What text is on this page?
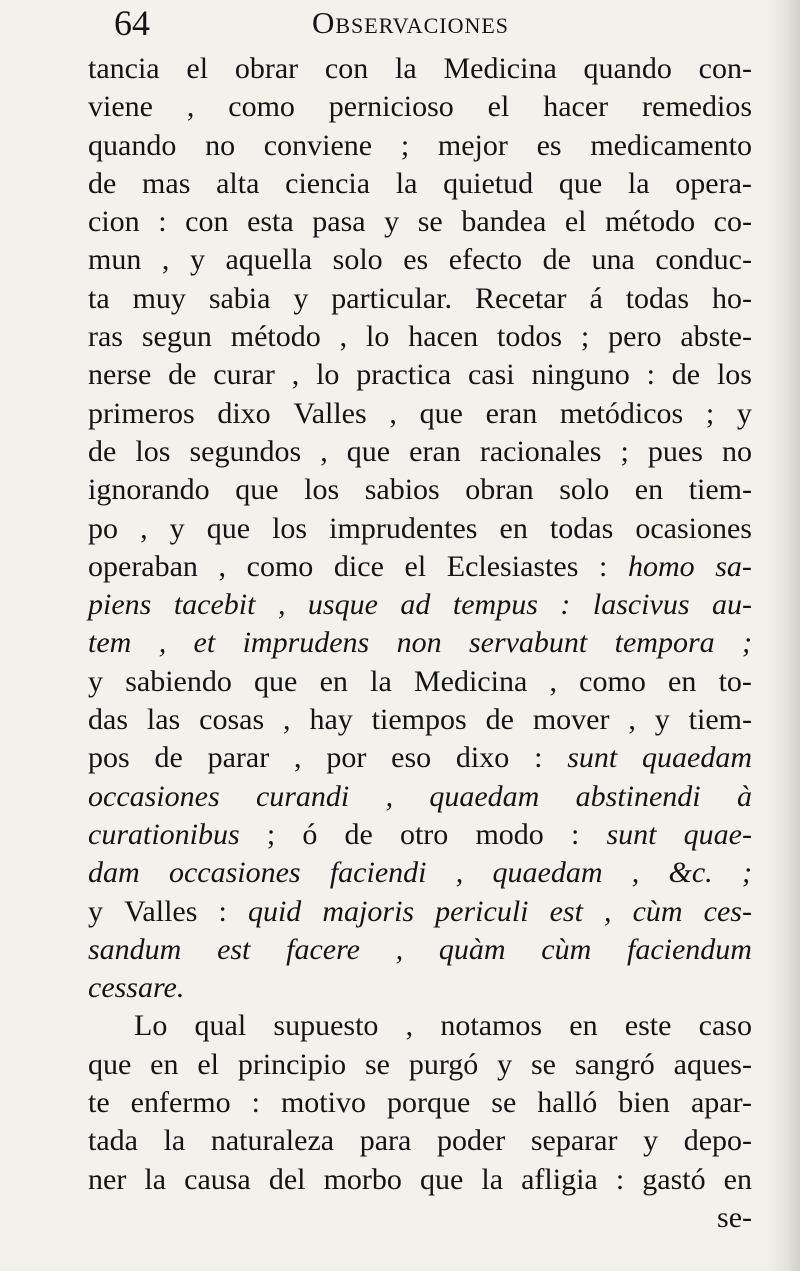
64	Observaciones
tancia el obrar con la Medicina quando con-
viene , como pernicioso el hacer remedios
quando no conviene ; mejor es medicamento
de mas alta ciencia la quietud que la opera-
cion : con esta pasa y se bandea el método co-
mun , y aquella solo es efecto de una conduc-
ta muy sabia y particular. Recetar á todas ho-
ras segun método , lo hacen todos ; pero abste-
nerse de curar , lo practica casi ninguno : de los
primeros dixo Valles , que eran metódicos ; y
de los segundos , que eran racionales ; pues no
ignorando que los sabios obran solo en tiem-
po , y que los imprudentes en todas ocasiones
operaban , como dice el Eclesiastes : homo sa-
piens tacebit , usque ad tempus : lascivus au-
tem , et imprudens non servabunt tempora ;
y sabiendo que en la Medicina , como en to-
das las cosas , hay tiempos de mover , y tiem-
pos de parar , por eso dixo : sunt quaedam
occasiones curandi , quaedam abstinendi à
curationibus ; ó de otro modo : sunt quae-
dam occasiones faciendi , quaedam , &c. ;
y Valles : quid majoris periculi est , cùm ces-
sandum est facere , quàm cùm faciendum
cessare.
Lo qual supuesto , notamos en este caso
que en el principio se purgó y se sangró aques-
te enfermo : motivo porque se halló bien apar-
tada la naturaleza para poder separar y depo-
ner la causa del morbo que la afligia : gastó en
se-
